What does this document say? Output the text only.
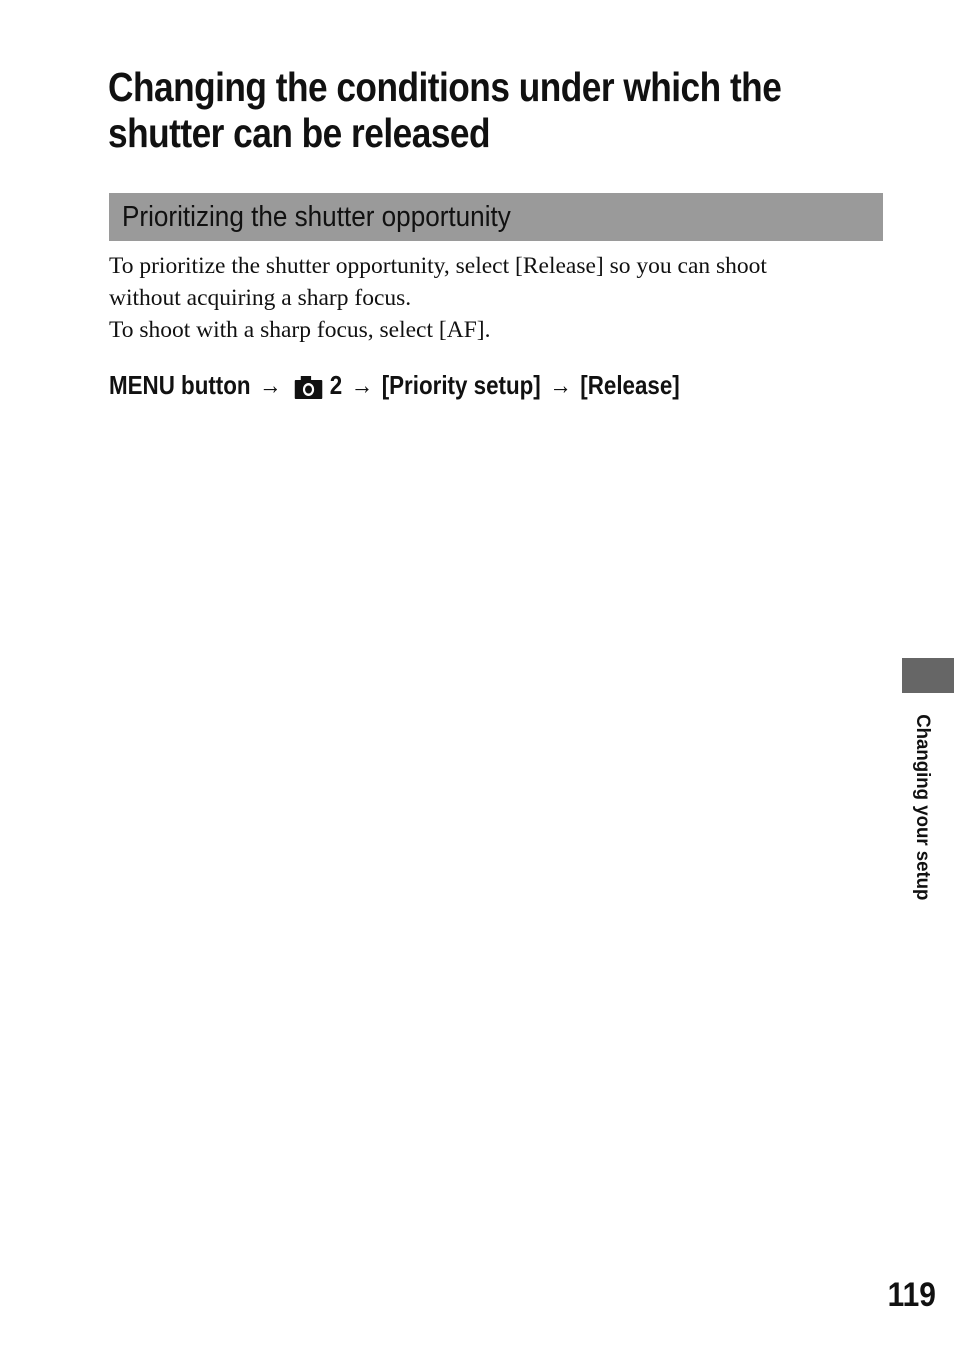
Changing the conditions under which the
shutter can be released
Prioritizing the shutter opportunity

To prioritize the shutter opportunity, select [Release] so you can shoot

without acquiring a sharp focus.

To shoot with a sharp focus, select [AF].

MENU button → 2 → [Priority setup] → [Release]
Changing your setup
119
